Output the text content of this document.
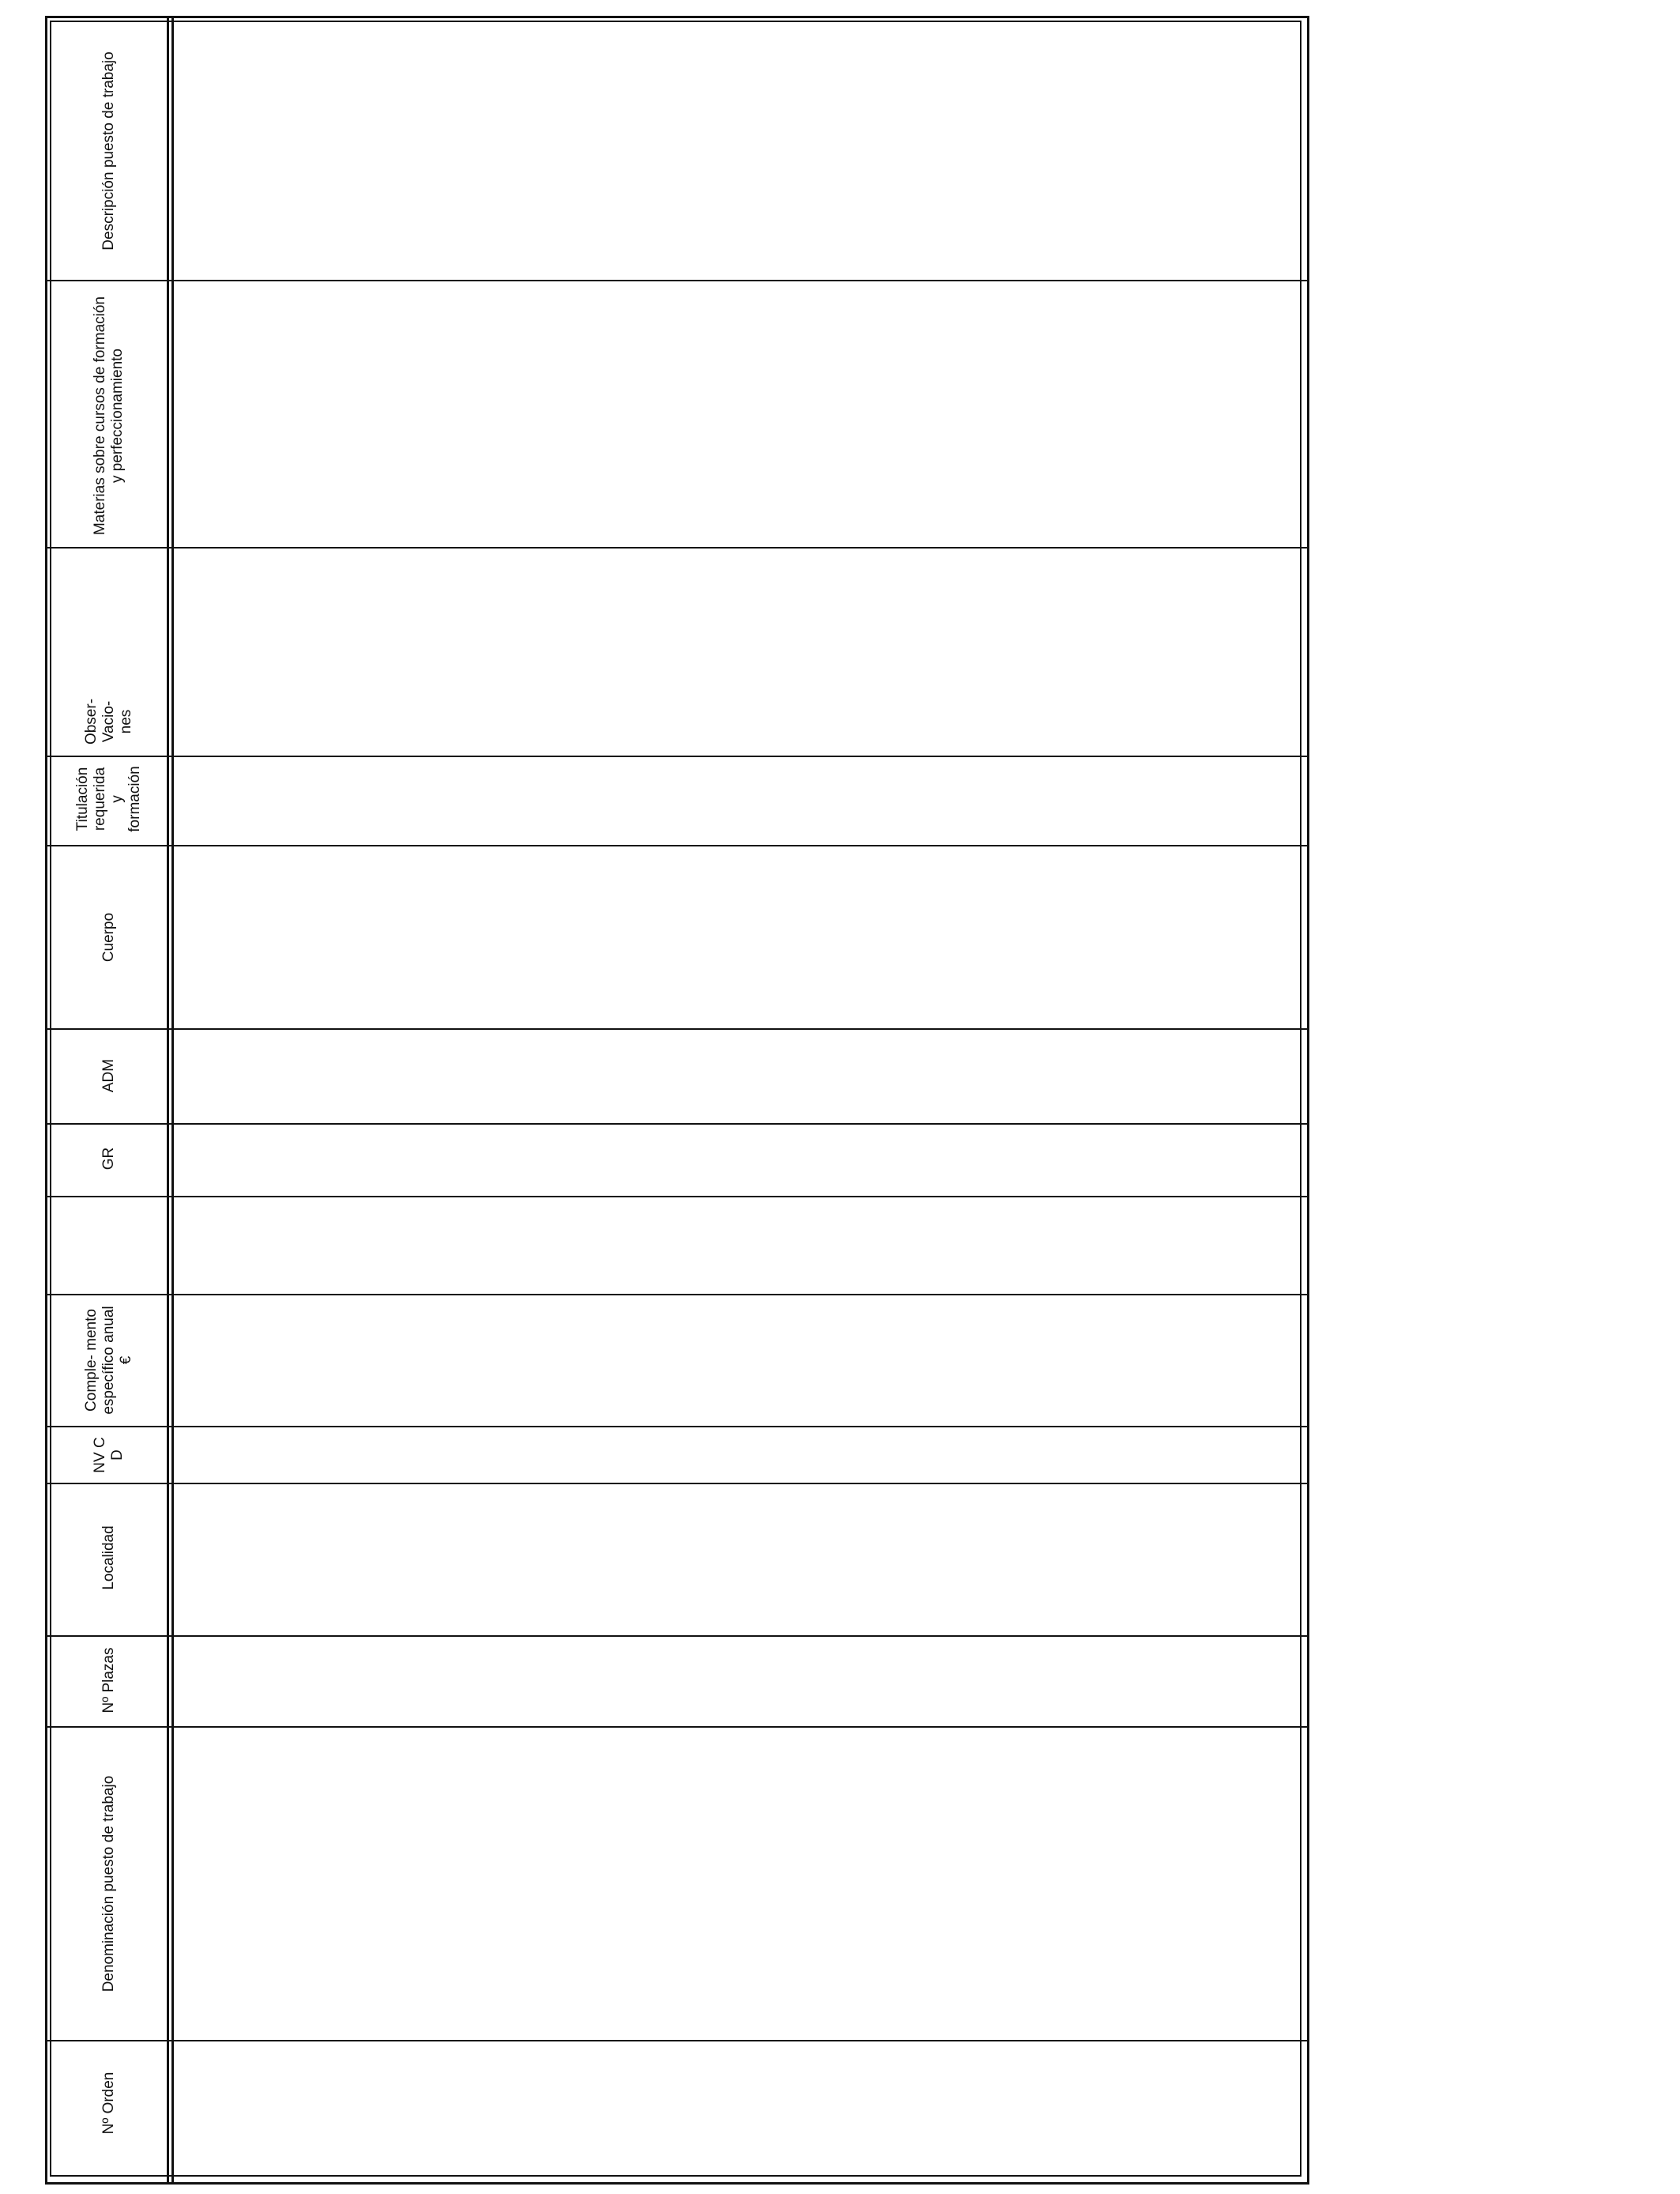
Nº Orden
Denominación puesto de trabajo
Nº Plazas
Localidad
NV C D
Comple- mento específico anual €
GR
ADM
Cuerpo
Titulación requerida y formación
Obser- Vacio- nes
Materias sobre cursos de formación y perfeccionamiento
Descripción puesto de trabajo
